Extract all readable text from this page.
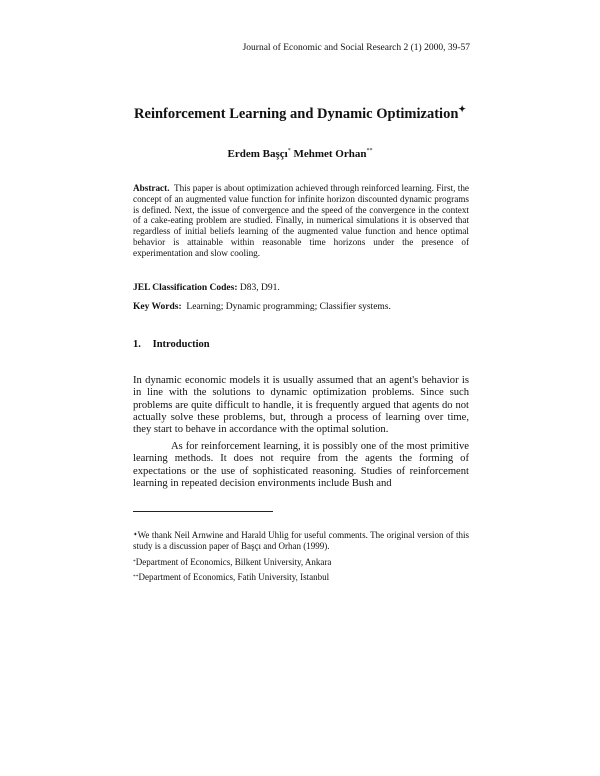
Journal of Economic and Social Research 2 (1) 2000, 39-57
Reinforcement Learning and Dynamic Optimization✦
Erdem Başçı* Mehmet Orhan**
Abstract. This paper is about optimization achieved through reinforced learning. First, the concept of an augmented value function for infinite horizon discounted dynamic programs is defined. Next, the issue of convergence and the speed of the convergence in the context of a cake-eating problem are studied. Finally, in numerical simulations it is observed that regardless of initial beliefs learning of the augmented value function and hence optimal behavior is attainable within reasonable time horizons under the presence of experimentation and slow cooling.
JEL Classification Codes: D83, D91.
Key Words: Learning; Dynamic programming; Classifier systems.
1. Introduction
In dynamic economic models it is usually assumed that an agent's behavior is in line with the solutions to dynamic optimization problems. Since such problems are quite difficult to handle, it is frequently argued that agents do not actually solve these problems, but, through a process of learning over time, they start to behave in accordance with the optimal solution.
As for reinforcement learning, it is possibly one of the most primitive learning methods. It does not require from the agents the forming of expectations or the use of sophisticated reasoning. Studies of reinforcement learning in repeated decision environments include Bush and
✦We thank Neil Arnwine and Harald Uhlig for useful comments. The original version of this study is a discussion paper of Başçı and Orhan (1999).
*Department of Economics, Bilkent University, Ankara
**Department of Economics, Fatih University, Istanbul
